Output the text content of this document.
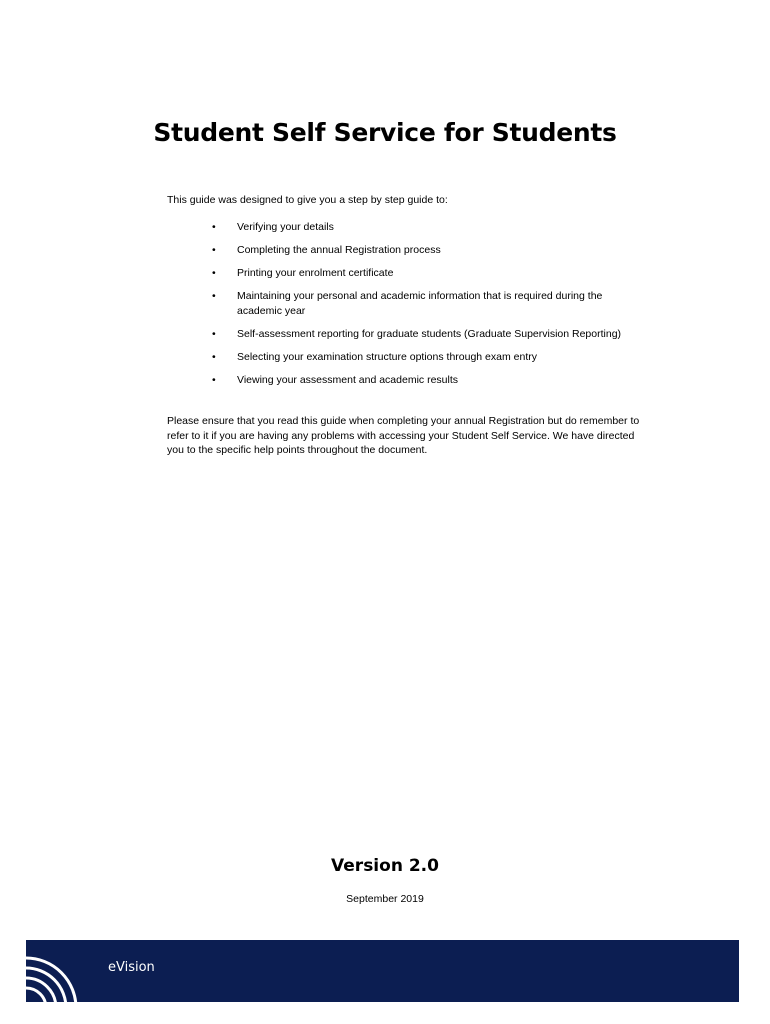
Student Self Service for Students

This guide was designed to give you a step by step guide to:

• Verifying your details
• Completing the annual Registration process
• Printing your enrolment certificate
• Maintaining your personal and academic information that is required during the academic year
• Self-assessment reporting for graduate students (Graduate Supervision Reporting)
• Selecting your examination structure options through exam entry
• Viewing your assessment and academic results

Please ensure that you read this guide when completing your annual Registration but do remember to refer to it if you are having any problems with accessing your Student Self Service. We have directed you to the specific help points throughout the document.

Version 2.0

September 2019

eVision
